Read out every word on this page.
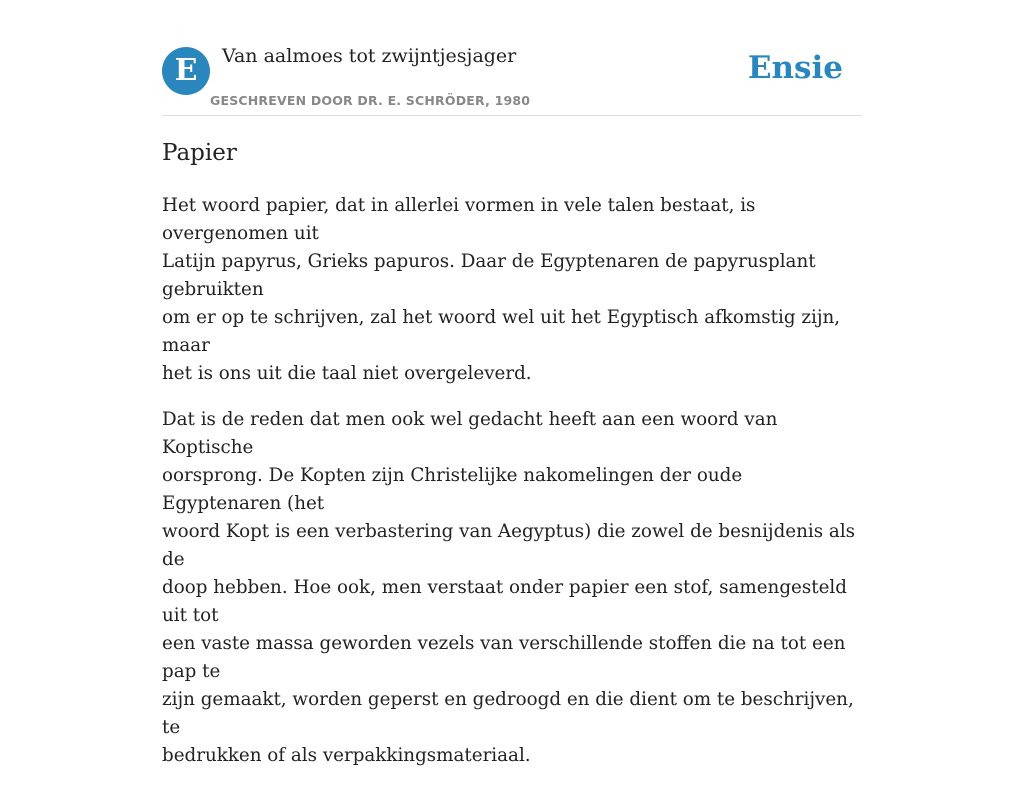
E	Van aalmoes tot zwijntjesjager
GESCHREVEN DOOR DR. E. SCHRÖDER, 1980
Ensie
Papier

Het woord papier, dat in allerlei vormen in vele talen bestaat, is overgenomen uit
Latijn papyrus, Grieks papuros. Daar de Egyptenaren de papyrusplant gebruikten
om er op te schrijven, zal het woord wel uit het Egyptisch afkomstig zijn, maar
het is ons uit die taal niet overgeleverd.

Dat is de reden dat men ook wel gedacht heeft aan een woord van Koptische
oorsprong. De Kopten zijn Christelijke nakomelingen der oude Egyptenaren (het
woord Kopt is een verbastering van Aegyptus) die zowel de besnijdenis als de
doop hebben. Hoe ook, men verstaat onder papier een stof, samengesteld uit tot
een vaste massa geworden vezels van verschillende stoffen die na tot een pap te
zijn gemaakt, worden geperst en gedroogd en die dient om te beschrijven, te
bedrukken of als verpakkingsmateriaal.
